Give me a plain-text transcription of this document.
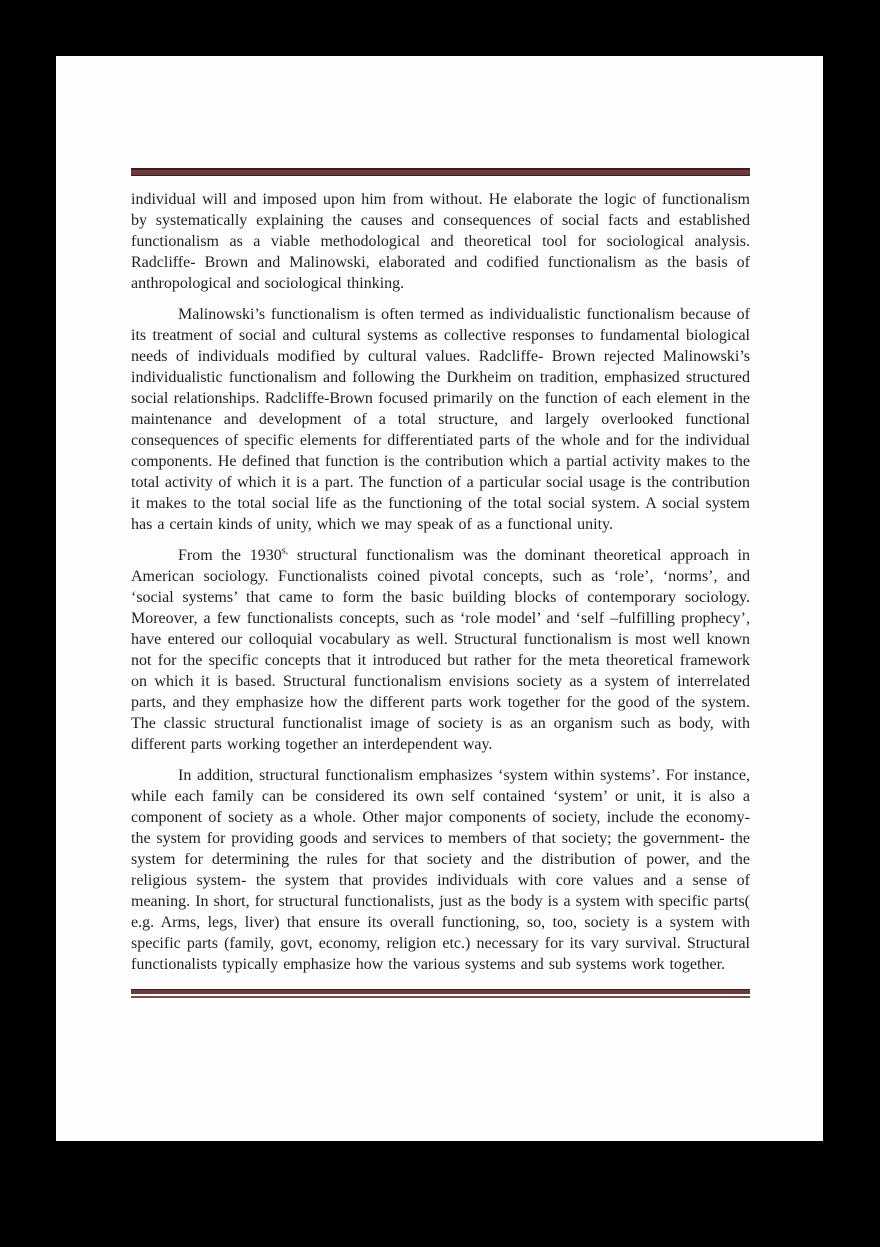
individual will and imposed upon him from without. He elaborate the logic of functionalism by systematically explaining the causes and consequences of social facts and established functionalism as a viable methodological and theoretical tool for sociological analysis. Radcliffe- Brown and Malinowski, elaborated and codified functionalism as the basis of anthropological and sociological thinking.

Malinowski’s functionalism is often termed as individualistic functionalism because of its treatment of social and cultural systems as collective responses to fundamental biological needs of individuals modified by cultural values. Radcliffe- Brown rejected Malinowski’s individualistic functionalism and following the Durkheim on tradition, emphasized structured social relationships. Radcliffe-Brown focused primarily on the function of each element in the maintenance and development of a total structure, and largely overlooked functional consequences of specific elements for differentiated parts of the whole and for the individual components. He defined that function is the contribution which a partial activity makes to the total activity of which it is a part. The function of a particular social usage is the contribution it makes to the total social life as the functioning of the total social system. A social system has a certain kinds of unity, which we may speak of as a functional unity.

From the $1930^{s,}$ structural functionalism was the dominant theoretical approach in American sociology. Functionalists coined pivotal concepts, such as ‘role’, ‘norms’, and ‘social systems’ that came to form the basic building blocks of contemporary sociology. Moreover, a few functionalists concepts, such as ‘role model’ and ‘self –fulfilling prophecy’, have entered our colloquial vocabulary as well. Structural functionalism is most well known not for the specific concepts that it introduced but rather for the meta theoretical framework on which it is based. Structural functionalism envisions society as a system of interrelated parts, and they emphasize how the different parts work together for the good of the system. The classic structural functionalist image of society is as an organism such as body, with different parts working together an interdependent way.

In addition, structural functionalism emphasizes ‘system within systems’. For instance, while each family can be considered its own self contained ‘system’ or unit, it is also a component of society as a whole. Other major components of society, include the economy- the system for providing goods and services to members of that society; the government- the system for determining the rules for that society and the distribution of power, and the religious system- the system that provides individuals with core values and a sense of meaning. In short, for structural functionalists, just as the body is a system with specific parts( e.g. Arms, legs, liver) that ensure its overall functioning, so, too, society is a system with specific parts (family, govt, economy, religion etc.) necessary for its vary survival. Structural functionalists typically emphasize how the various systems and sub systems work together.
